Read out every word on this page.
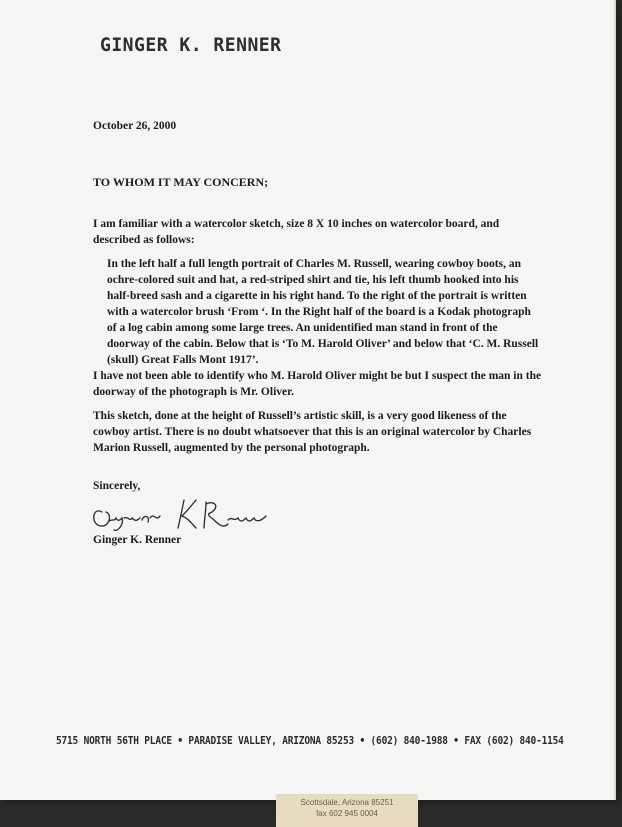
GINGER K. RENNER
October 26, 2000
TO WHOM IT MAY CONCERN;
I am familiar with a watercolor sketch, size 8 X 10 inches on watercolor board, and described as follows:
In the left half a full length portrait of Charles M. Russell, wearing cowboy boots, an ochre-colored suit and hat, a red-striped shirt and tie, his left thumb hooked into his half-breed sash and a cigarette in his right hand. To the right of the portrait is written with a watercolor brush ‘From ‘. In the Right half of the board is a Kodak photograph of a log cabin among some large trees. An unidentified man stand in front of the doorway of the cabin. Below that is ‘To M. Harold Oliver’ and below that ‘C. M. Russell (skull) Great Falls Mont 1917’.
I have not been able to identify who M. Harold Oliver might be but I suspect the man in the doorway of the photograph is Mr. Oliver.
This sketch, done at the height of Russell’s artistic skill, is a very good likeness of the cowboy artist. There is no doubt whatsoever that this is an original watercolor by Charles Marion Russell, augmented by the personal photograph.
Sincerely,
Ginger K. Renner
5715 NORTH 56TH PLACE • PARADISE VALLEY, ARIZONA 85253 • (602) 840-1988 • FAX (602) 840-1154
Scottsdale, Arizona 85251
fax 602 945 0004
